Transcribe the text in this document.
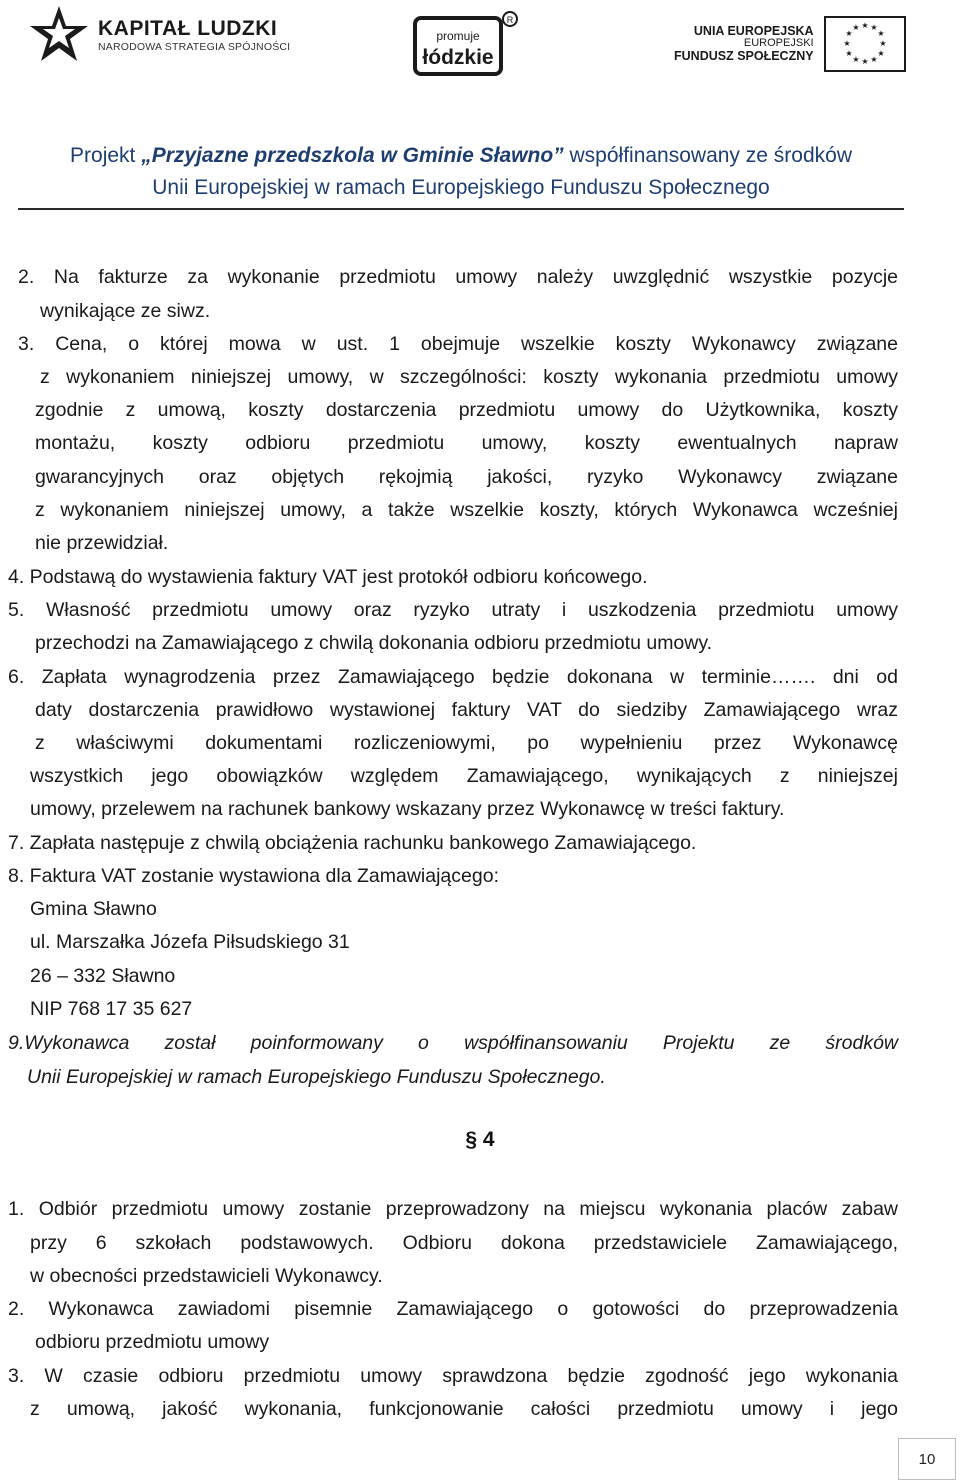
KAPITAŁ LUDZKI
NARODOWA STRATEGIA SPÓJNOŚCI
R
promuje
łódzkie
UNIA EUROPEJSKA
EUROPEJSKI
FUNDUSZ SPOŁECZNY
★ ★
★
★
★
★
★
★
★
★
★
★
Projekt „Przyjazne przedszkola w Gminie Sławno” współfinansowany ze środków
Unii Europejskiej w ramach Europejskiego Funduszu Społecznego
2. Na fakturze za wykonanie przedmiotu umowy należy uwzględnić wszystkie pozycje
wynikające ze siwz.
3. Cena, o której mowa w ust. 1 obejmuje wszelkie koszty Wykonawcy związane
z wykonaniem niniejszej umowy, w szczególności: koszty wykonania przedmiotu umowy
zgodnie z umową, koszty dostarczenia przedmiotu umowy do Użytkownika, koszty
montażu, koszty odbioru przedmiotu umowy, koszty ewentualnych napraw
gwarancyjnych oraz objętych rękojmią jakości, ryzyko Wykonawcy związane
z wykonaniem niniejszej umowy, a także wszelkie koszty, których Wykonawca wcześniej
nie przewidział.
4. Podstawą do wystawienia faktury VAT jest protokół odbioru końcowego.
5. Własność przedmiotu umowy oraz ryzyko utraty i uszkodzenia przedmiotu umowy
przechodzi na Zamawiającego z chwilą dokonania odbioru przedmiotu umowy.
6. Zapłata wynagrodzenia przez Zamawiającego będzie dokonana w terminie……. dni od
daty dostarczenia prawidłowo wystawionej faktury VAT do siedziby Zamawiającego wraz
z właściwymi dokumentami rozliczeniowymi, po wypełnieniu przez Wykonawcę
wszystkich jego obowiązków względem Zamawiającego, wynikających z niniejszej
umowy, przelewem na rachunek bankowy wskazany przez Wykonawcę w treści faktury.
7. Zapłata następuje z chwilą obciążenia rachunku bankowego Zamawiającego.
8. Faktura VAT zostanie wystawiona dla Zamawiającego:
Gmina Sławno
ul. Marszałka Józefa Piłsudskiego 31
26 – 332 Sławno
NIP 768 17 35 627
9.Wykonawca został poinformowany o współfinansowaniu Projektu ze środków
Unii Europejskiej w ramach Europejskiego Funduszu Społecznego.
§ 4
1. Odbiór przedmiotu umowy zostanie przeprowadzony na miejscu wykonania placów zabaw
przy 6 szkołach podstawowych. Odbioru dokona przedstawiciele Zamawiającego,
w obecności przedstawicieli Wykonawcy.
2. Wykonawca zawiadomi pisemnie Zamawiającego o gotowości do przeprowadzenia
odbioru przedmiotu umowy
3. W czasie odbioru przedmiotu umowy sprawdzona będzie zgodność jego wykonania
z umową, jakość wykonania, funkcjonowanie całości przedmiotu umowy i jego
10
